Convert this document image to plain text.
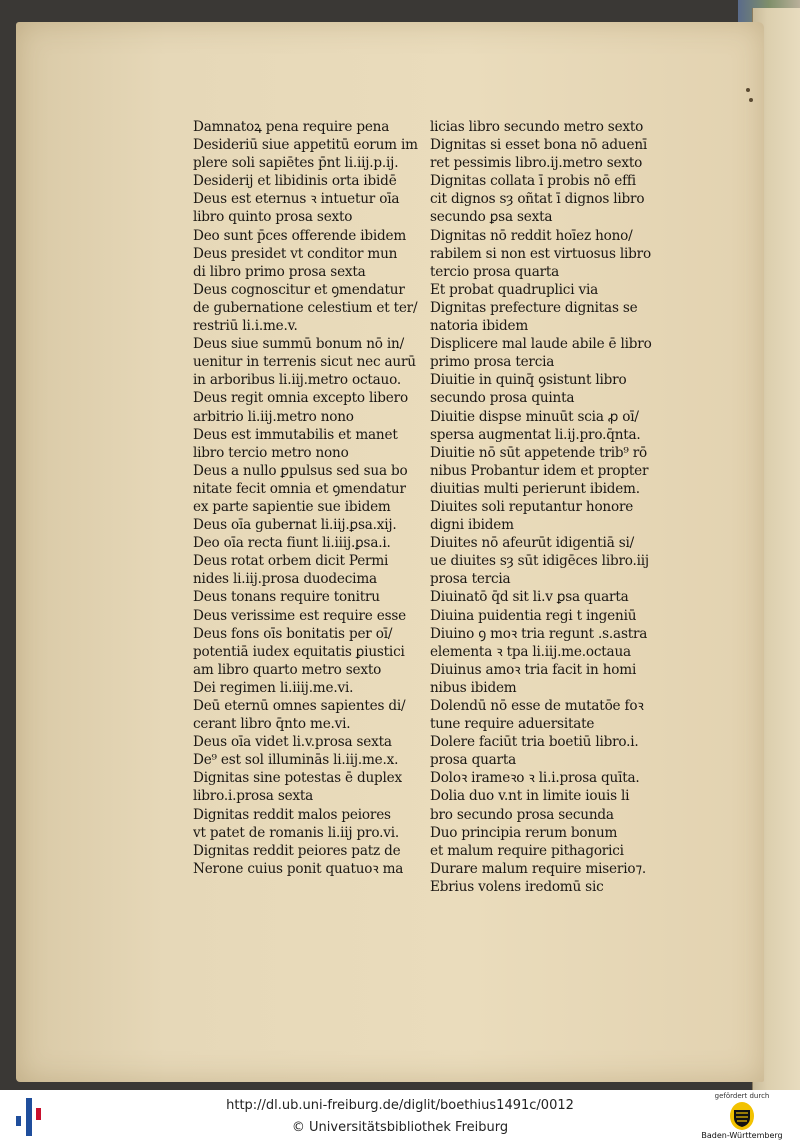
Damnatoꝝ pena require pena
Desideriū siue appetitū eorum im
plere soli sapiētes p̄nt li.iij.p.ij.
Desiderij et libidinis orta ibidē
Deus est eternus ꝛ intuetur oīa
libro quinto prosa sexto
Deo sunt p̄ces offerende ibidem
Deus presidet vt conditor mun
di libro primo prosa sexta
Deus cognoscitur et ꝯmendatur
de gubernatione celestium et ter/
restriū li.i.me.v.
Deus siue summū bonum nō in/
uenitur in terrenis sicut nec aurū
in arboribus li.iij.metro octauo.
Deus regit omnia excepto libero
arbitrio li.iij.metro nono
Deus est immutabilis et manet
libro tercio metro nono
Deus a nullo ꝑpulsus sed sua bo
nitate fecit omnia et ꝯmendatur
ex parte sapientie sue ibidem
Deus oīa gubernat li.iij.ꝑsa.xij.
Deo oīa recta fiunt li.iiij.ꝑsa.i.
Deus rotat orbem dicit Permi
nides li.iij.prosa duodecima
Deus tonans require tonitru
Deus verissime est require esse
Deus fons oīs bonitatis per oī/
potentiā iudex equitatis ꝑiustici
am libro quarto metro sexto
Dei regimen li.iiij.me.vi.
Deū eternū omnes sapientes di/
cerant libro q̄nto me.vi.
Deus oīa videt li.v.prosa sexta
De⁹ est sol illuminās li.iij.me.x.
Dignitas sine potestas ē duplex
libro.i.prosa sexta
Dignitas reddit malos peiores
vt patet de romanis li.iij pro.vi.
Dignitas reddit peiores patz de
Nerone cuius ponit quatuoꝛ ma
licias libro secundo metro sexto
Dignitas si esset bona nō aduenī
ret pessimis libro.ij.metro sexto
Dignitas collata ī probis nō effi
cit dignos sȝ oñtat ī dignos libro
secundo ꝑsa sexta
Dignitas nō reddit hoīez hono/
rabilem si non est virtuosus libro
tercio prosa quarta
Et probat quadruplici via
Dignitas prefecture dignitas se
natoria ibidem
Displicere mal laude abile ē libro
primo prosa tercia
Diuitie in quinq̄ ꝯsistunt libro
secundo prosa quinta
Diuitie dispse minuūt scia ꝓ oī/
spersa augmentat li.ij.pro.q̄nta.
Diuitie nō sūt appetende trib⁹ rō
nibus Probantur idem et propter
diuitias multi perierunt ibidem.
Diuites soli reputantur honore
digni ibidem
Diuites nō afeurūt idigentiā si/
ue diuites sȝ sūt idigēces libro.iij
prosa tercia
Diuinatō q̄d sit li.v ꝑsa quarta
Diuina puidentia regi t ingeniū
Diuino ꝯ moꝛ tria regunt .s.astra
elementa ꝛ tpa li.iij.me.octaua
Diuinus amoꝛ tria facit in homi
nibus ibidem
Dolendū nō esse de mutatōe foꝛ
tune require aduersitate
Dolere faciūt tria boetiū libro.i.
prosa quarta
Doloꝛ irameꝛo ꝛ li.i.prosa quīta.
Dolia duo v.nt in limite iouis li
bro secundo prosa secunda
Duo principia rerum bonum
et malum require pithagorici
Durare malum require miserio⁊.
Ebrius volens iredomū sic
http://dl.ub.uni-freiburg.de/diglit/boethius1491c/0012
© Universitätsbibliothek Freiburg
gefördert durch
Baden-Württemberg
